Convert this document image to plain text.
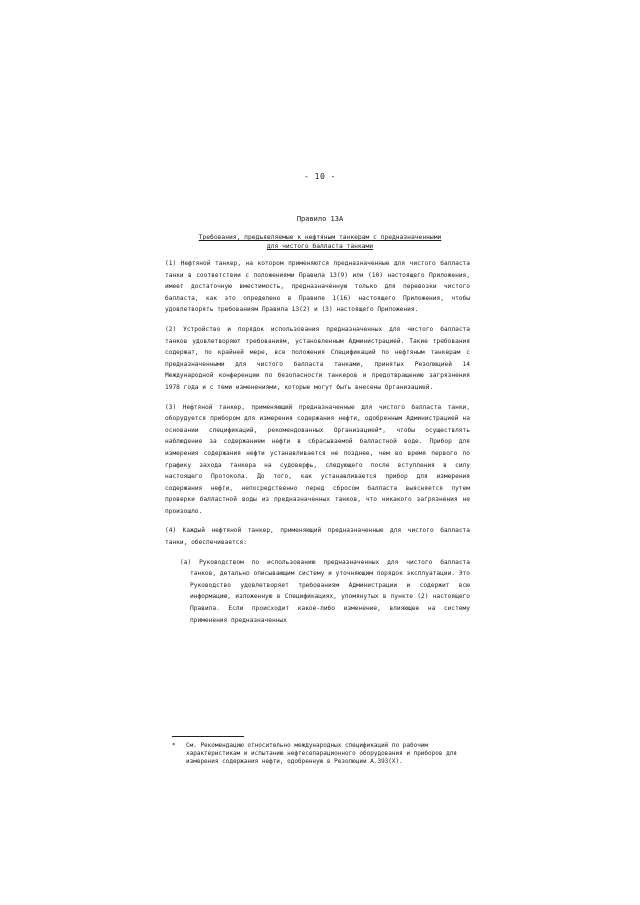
- 10 -
Правило 13А
Требования, предъявляемые к нефтяным танкерам с предназначенными
для чистого балласта танками

(1) Нефтяной танкер, на котором применяются предназначенные для чистого балласта танки в соответствии с положениями Правила 13(9) или (10) настоящего Приложения, имеет достаточную вместимость, предназначенную только для перевозки чистого балласта, как это определено в Правиле 1(16) настоящего Приложения, чтобы удовлетворять требованиям Правила 13(2) и (3) настоящего Приложения.

(2) Устройство и порядок использования предназначенных для чистого балласта танков удовлетворяют требованиям, установленным Администрацией. Такие требования содержат, по крайней мере, все положения Спецификаций по нефтяным танкерам с предназначенными для чистого балласта танками, принятых Резолюцией 14 Международной конференции по безопасности танкеров и предотвращению загрязнения 1978 года и с теми изменениями, которые могут быть внесены Организацией.

(3) Нефтяной танкер, применяющий предназначенные для чистого балласта танки, оборудуется прибором для измерения содержания нефти, одобренным Администрацией на основании спецификаций, рекомендованных Организацией*, чтобы осуществлять наблюдение за содержанием нефти в сбрасываемой балластной воде. Прибор для измерения содержания нефти устанавливается не позднее, чем во время первого по графику захода танкера на судоверфь, следующего после вступления в силу настоящего Протокола. До того, как устанавливается прибор для измерения содержания нефти, непосредственно перед сбросом балласта выясняется путем проверки балластной воды из предназначенных танков, что никакого загрязнения не произошло.

(4) Каждый нефтяной танкер, применяющий предназначенные для чистого балласта танки, обеспечивается:

(a) Руководством по использованию предназначенных для чистого балласта танков, детально описывающим систему и уточняющим порядок эксплуатации. Это Руководство удовлетворяет требованиям Администрации и содержит всю информацию, изложенную в Спецификациях, упомянутых в пункте (2) настоящего Правила. Если происходит какое-либо изменение, влияющее на систему применения предназначенных

* См. Рекомендацию относительно международных спецификаций по рабочим характеристикам и испытанию нефтесепарационного оборудования и приборов для измерения содержания нефти, одобренную в Резолюции А.393(Х).
